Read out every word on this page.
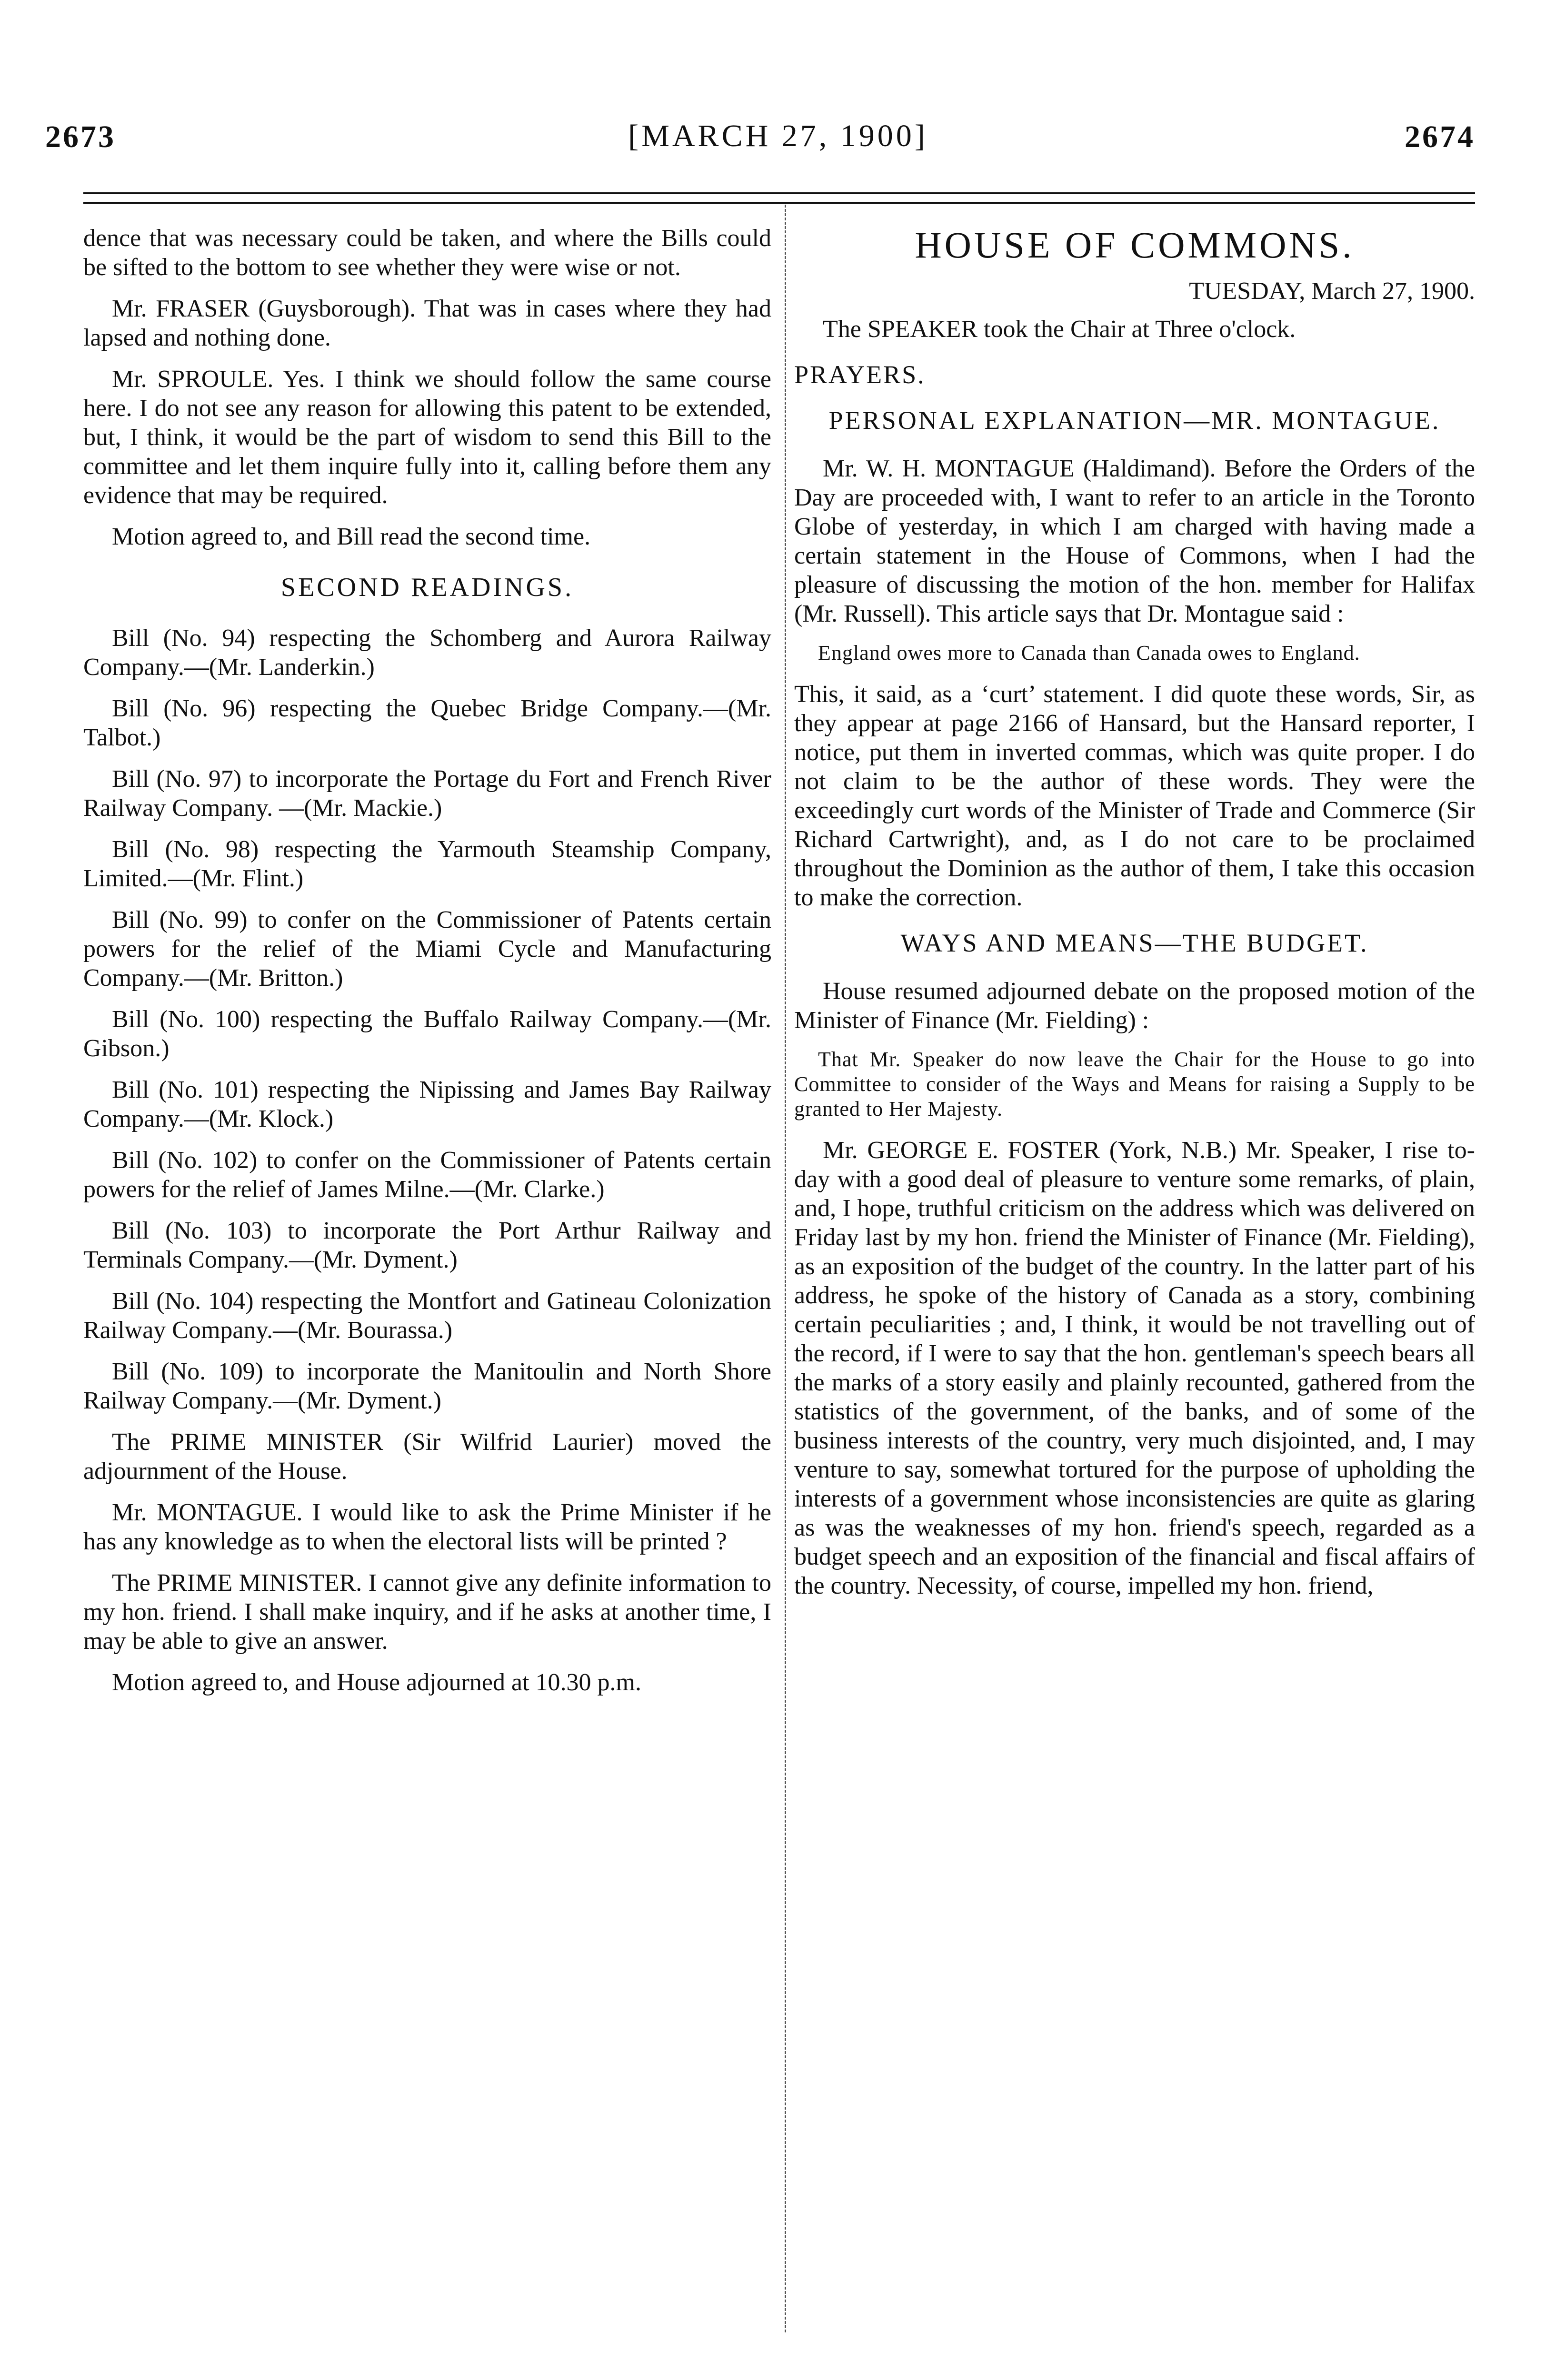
2673	[MARCH 27, 1900]	2674

dence that was necessary could be taken, and where the Bills could be sifted to the bottom to see whether they were wise or not.

Mr. FRASER (Guysborough). That was in cases where they had lapsed and nothing done.

Mr. SPROULE. Yes. I think we should follow the same course here. I do not see any reason for allowing this patent to be extended, but, I think, it would be the part of wisdom to send this Bill to the committee and let them inquire fully into it, calling before them any evidence that may be required.

Motion agreed to, and Bill read the second time.

SECOND READINGS.

Bill (No. 94) respecting the Schomberg and Aurora Railway Company.—(Mr. Landerkin.)

Bill (No. 96) respecting the Quebec Bridge Company.—(Mr. Talbot.)

Bill (No. 97) to incorporate the Portage du Fort and French River Railway Company. —(Mr. Mackie.)

Bill (No. 98) respecting the Yarmouth Steamship Company, Limited.—(Mr. Flint.)

Bill (No. 99) to confer on the Commissioner of Patents certain powers for the relief of the Miami Cycle and Manufacturing Company.—(Mr. Britton.)

Bill (No. 100) respecting the Buffalo Railway Company.—(Mr. Gibson.)

Bill (No. 101) respecting the Nipissing and James Bay Railway Company.—(Mr. Klock.)

Bill (No. 102) to confer on the Commissioner of Patents certain powers for the relief of James Milne.—(Mr. Clarke.)

Bill (No. 103) to incorporate the Port Arthur Railway and Terminals Company.—(Mr. Dyment.)

Bill (No. 104) respecting the Montfort and Gatineau Colonization Railway Company.—(Mr. Bourassa.)

Bill (No. 109) to incorporate the Manitoulin and North Shore Railway Company.—(Mr. Dyment.)

The PRIME MINISTER (Sir Wilfrid Laurier) moved the adjournment of the House.

Mr. MONTAGUE. I would like to ask the Prime Minister if he has any knowledge as to when the electoral lists will be printed ?

The PRIME MINISTER. I cannot give any definite information to my hon. friend. I shall make inquiry, and if he asks at another time, I may be able to give an answer.

Motion agreed to, and House adjourned at 10.30 p.m.

HOUSE OF COMMONS.
TUESDAY, March 27, 1900.

The SPEAKER took the Chair at Three o'clock.

PRAYERS.
PERSONAL EXPLANATION—MR. MONTAGUE.

Mr. W. H. MONTAGUE (Haldimand). Before the Orders of the Day are proceeded with, I want to refer to an article in the Toronto Globe of yesterday, in which I am charged with having made a certain statement in the House of Commons, when I had the pleasure of discussing the motion of the hon. member for Halifax (Mr. Russell). This article says that Dr. Montague said :

England owes more to Canada than Canada owes to England.

This, it said, as a ‘curt’ statement. I did quote these words, Sir, as they appear at page 2166 of Hansard, but the Hansard reporter, I notice, put them in inverted commas, which was quite proper. I do not claim to be the author of these words. They were the exceedingly curt words of the Minister of Trade and Commerce (Sir Richard Cartwright), and, as I do not care to be proclaimed throughout the Dominion as the author of them, I take this occasion to make the correction.

WAYS AND MEANS—THE BUDGET.

House resumed adjourned debate on the proposed motion of the Minister of Finance (Mr. Fielding) :

That Mr. Speaker do now leave the Chair for the House to go into Committee to consider of the Ways and Means for raising a Supply to be granted to Her Majesty.

Mr. GEORGE E. FOSTER (York, N.B.) Mr. Speaker, I rise to-day with a good deal of pleasure to venture some remarks, of plain, and, I hope, truthful criticism on the address which was delivered on Friday last by my hon. friend the Minister of Finance (Mr. Fielding), as an exposition of the budget of the country. In the latter part of his address, he spoke of the history of Canada as a story, combining certain peculiarities ; and, I think, it would be not travelling out of the record, if I were to say that the hon. gentleman's speech bears all the marks of a story easily and plainly recounted, gathered from the statistics of the government, of the banks, and of some of the business interests of the country, very much disjointed, and, I may venture to say, somewhat tortured for the purpose of upholding the interests of a government whose inconsistencies are quite as glaring as was the weaknesses of my hon. friend's speech, regarded as a budget speech and an exposition of the financial and fiscal affairs of the country. Necessity, of course, impelled my hon. friend,
